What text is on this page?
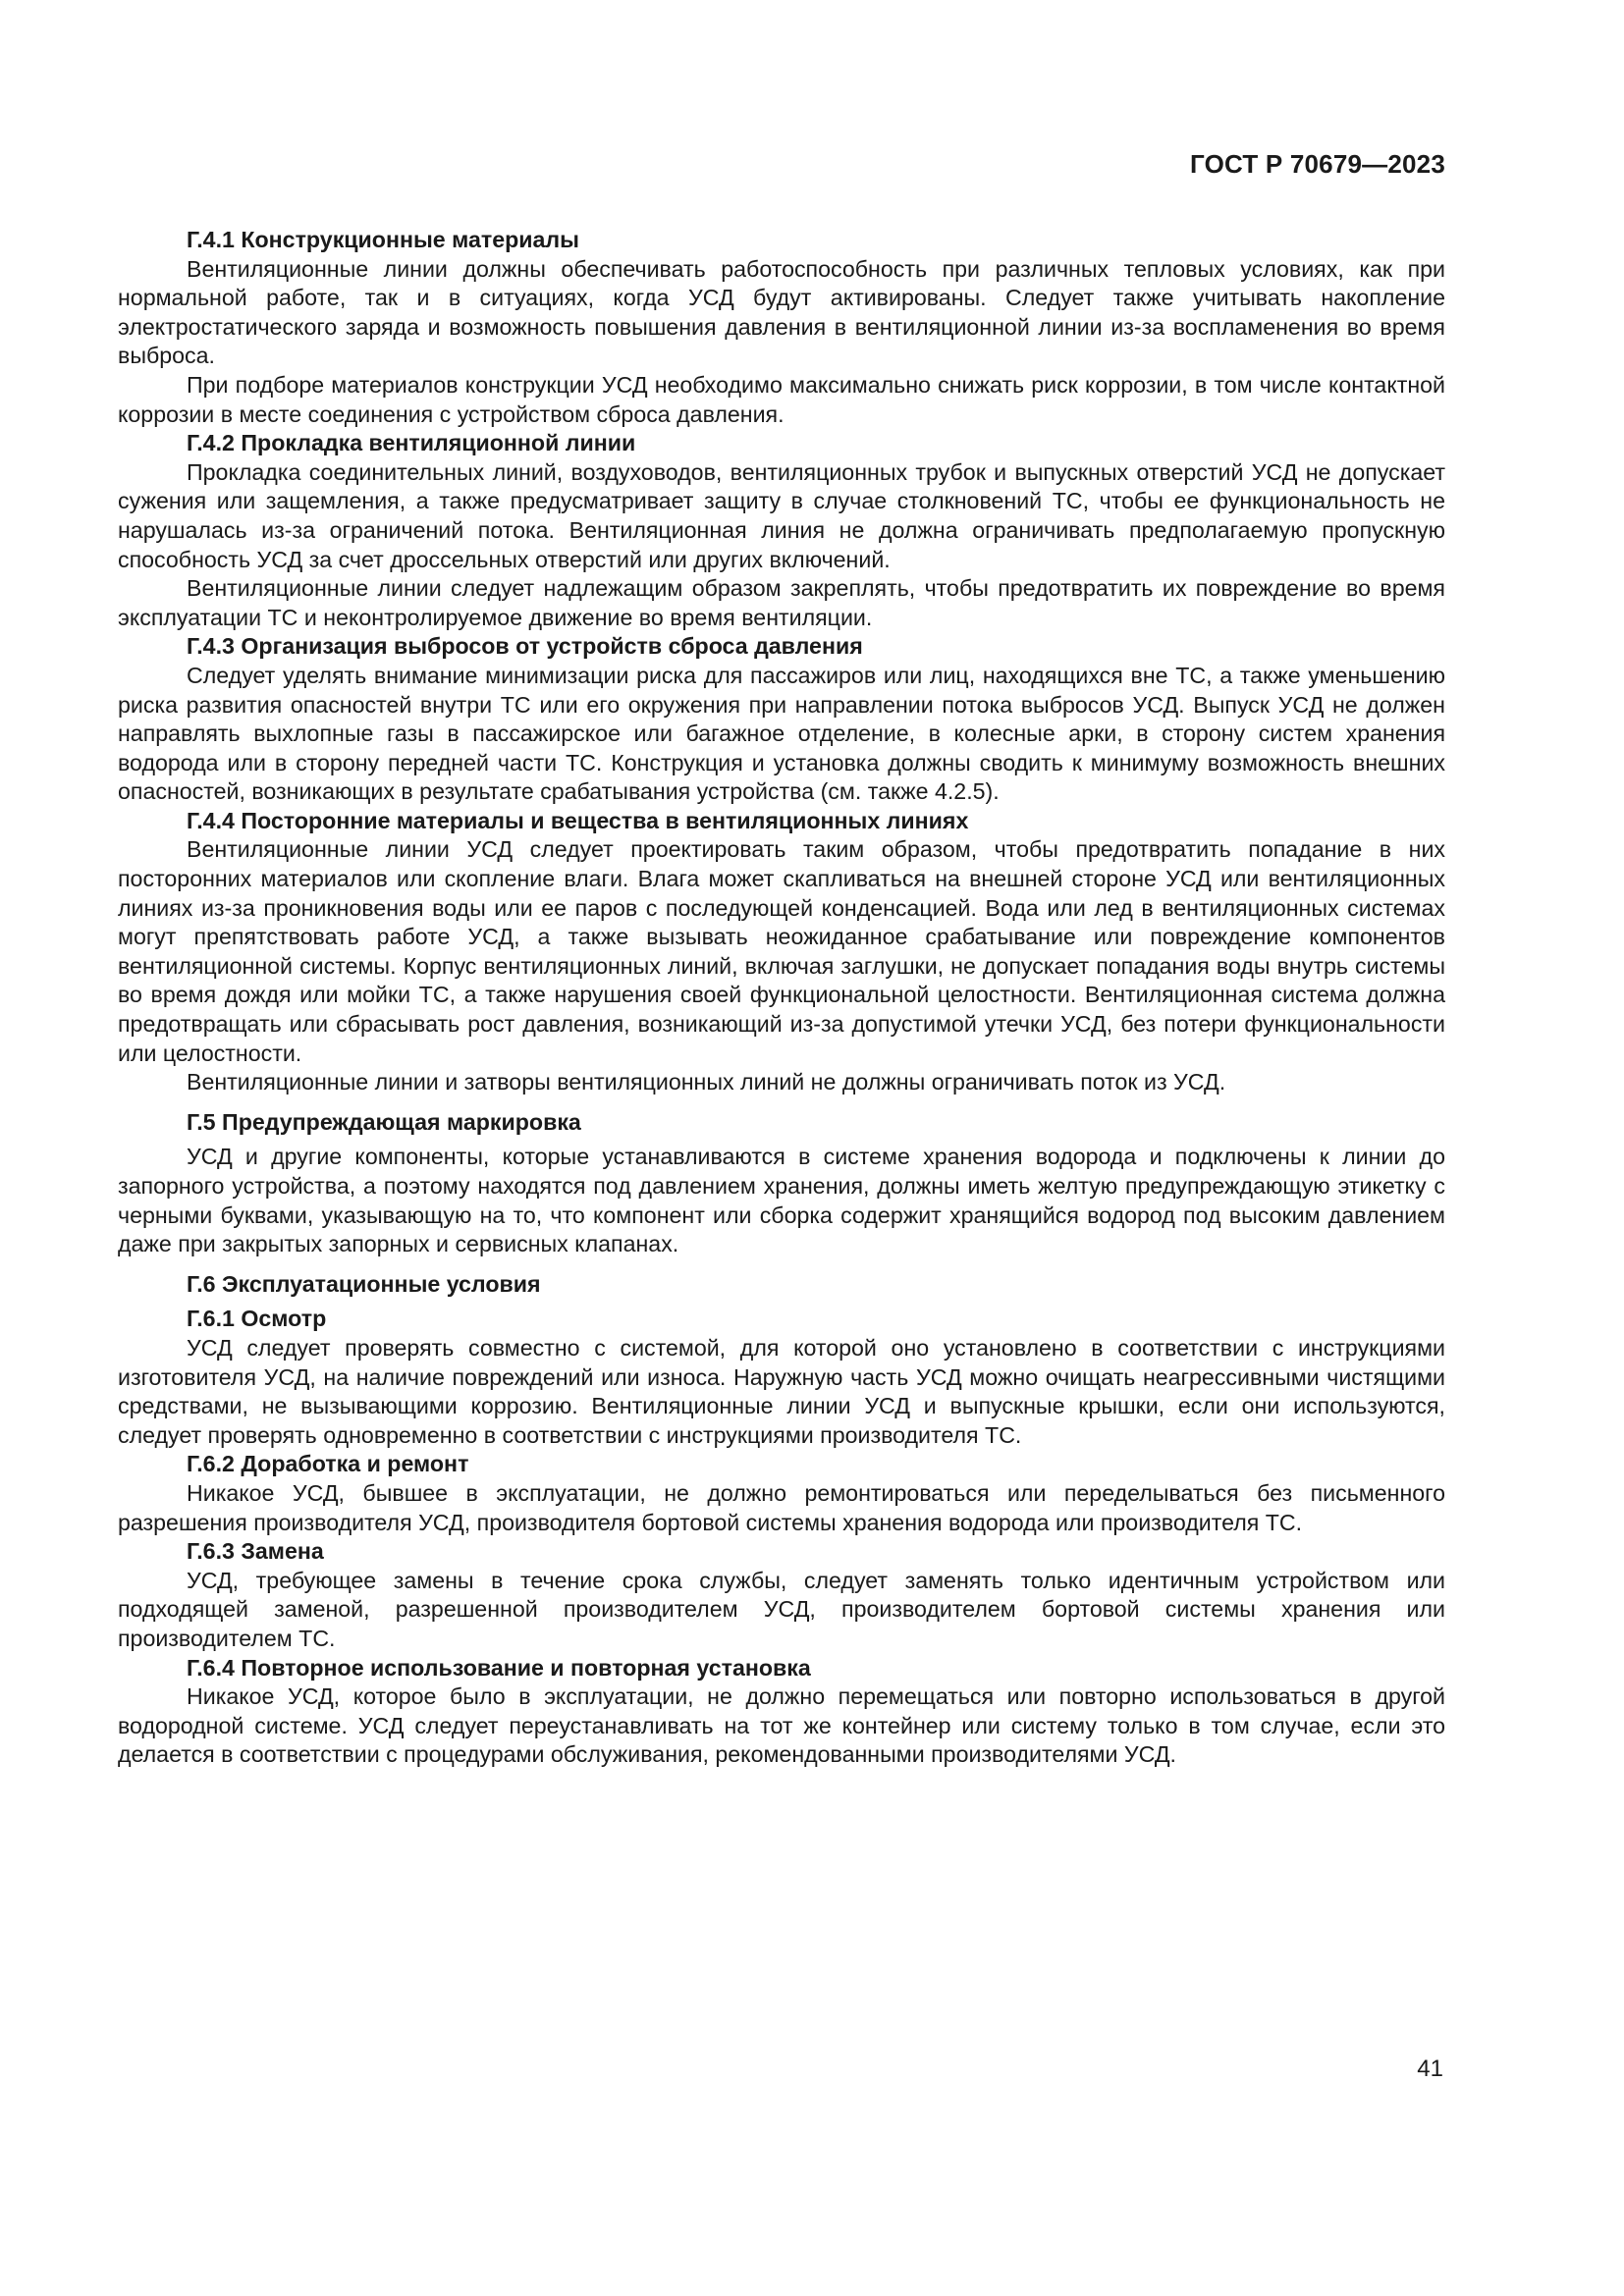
ГОСТ Р 70679—2023
Г.4.1 Конструкционные материалы

Вентиляционные линии должны обеспечивать работоспособность при различных тепловых условиях, как при нормальной работе, так и в ситуациях, когда УСД будут активированы. Следует также учитывать накопление электростатического заряда и возможность повышения давления в вентиляционной линии из-за воспламенения во время выброса.

При подборе материалов конструкции УСД необходимо максимально снижать риск коррозии, в том числе контактной коррозии в месте соединения с устройством сброса давления.

Г.4.2 Прокладка вентиляционной линии

Прокладка соединительных линий, воздуховодов, вентиляционных трубок и выпускных отверстий УСД не допускает сужения или защемления, а также предусматривает защиту в случае столкновений ТС, чтобы ее функциональность не нарушалась из-за ограничений потока. Вентиляционная линия не должна ограничивать предполагаемую пропускную способность УСД за счет дроссельных отверстий или других включений.

Вентиляционные линии следует надлежащим образом закреплять, чтобы предотвратить их повреждение во время эксплуатации ТС и неконтролируемое движение во время вентиляции.

Г.4.3 Организация выбросов от устройств сброса давления

Следует уделять внимание минимизации риска для пассажиров или лиц, находящихся вне ТС, а также уменьшению риска развития опасностей внутри ТС или его окружения при направлении потока выбросов УСД. Выпуск УСД не должен направлять выхлопные газы в пассажирское или багажное отделение, в колесные арки, в сторону систем хранения водорода или в сторону передней части ТС. Конструкция и установка должны сводить к минимуму возможность внешних опасностей, возникающих в результате срабатывания устройства (см. также 4.2.5).

Г.4.4 Посторонние материалы и вещества в вентиляционных линиях

Вентиляционные линии УСД следует проектировать таким образом, чтобы предотвратить попадание в них посторонних материалов или скопление влаги. Влага может скапливаться на внешней стороне УСД или вентиляционных линиях из-за проникновения воды или ее паров с последующей конденсацией. Вода или лед в вентиляционных системах могут препятствовать работе УСД, а также вызывать неожиданное срабатывание или повреждение компонентов вентиляционной системы. Корпус вентиляционных линий, включая заглушки, не допускает попадания воды внутрь системы во время дождя или мойки ТС, а также нарушения своей функциональной целостности. Вентиляционная система должна предотвращать или сбрасывать рост давления, возникающий из-за допустимой утечки УСД, без потери функциональности или целостности.

Вентиляционные линии и затворы вентиляционных линий не должны ограничивать поток из УСД.

Г.5 Предупреждающая маркировка

УСД и другие компоненты, которые устанавливаются в системе хранения водорода и подключены к линии до запорного устройства, а поэтому находятся под давлением хранения, должны иметь желтую предупреждающую этикетку с черными буквами, указывающую на то, что компонент или сборка содержит хранящийся водород под высоким давлением даже при закрытых запорных и сервисных клапанах.

Г.6 Эксплуатационные условия
Г.6.1 Осмотр

УСД следует проверять совместно с системой, для которой оно установлено в соответствии с инструкциями изготовителя УСД, на наличие повреждений или износа. Наружную часть УСД можно очищать неагрессивными чистящими средствами, не вызывающими коррозию. Вентиляционные линии УСД и выпускные крышки, если они используются, следует проверять одновременно в соответствии с инструкциями производителя ТС.

Г.6.2 Доработка и ремонт

Никакое УСД, бывшее в эксплуатации, не должно ремонтироваться или переделываться без письменного разрешения производителя УСД, производителя бортовой системы хранения водорода или производителя ТС.

Г.6.3 Замена

УСД, требующее замены в течение срока службы, следует заменять только идентичным устройством или подходящей заменой, разрешенной производителем УСД, производителем бортовой системы хранения или производителем ТС.

Г.6.4 Повторное использование и повторная установка

Никакое УСД, которое было в эксплуатации, не должно перемещаться или повторно использоваться в другой водородной системе. УСД следует переустанавливать на тот же контейнер или систему только в том случае, если это делается в соответствии с процедурами обслуживания, рекомендованными производителями УСД.

41
